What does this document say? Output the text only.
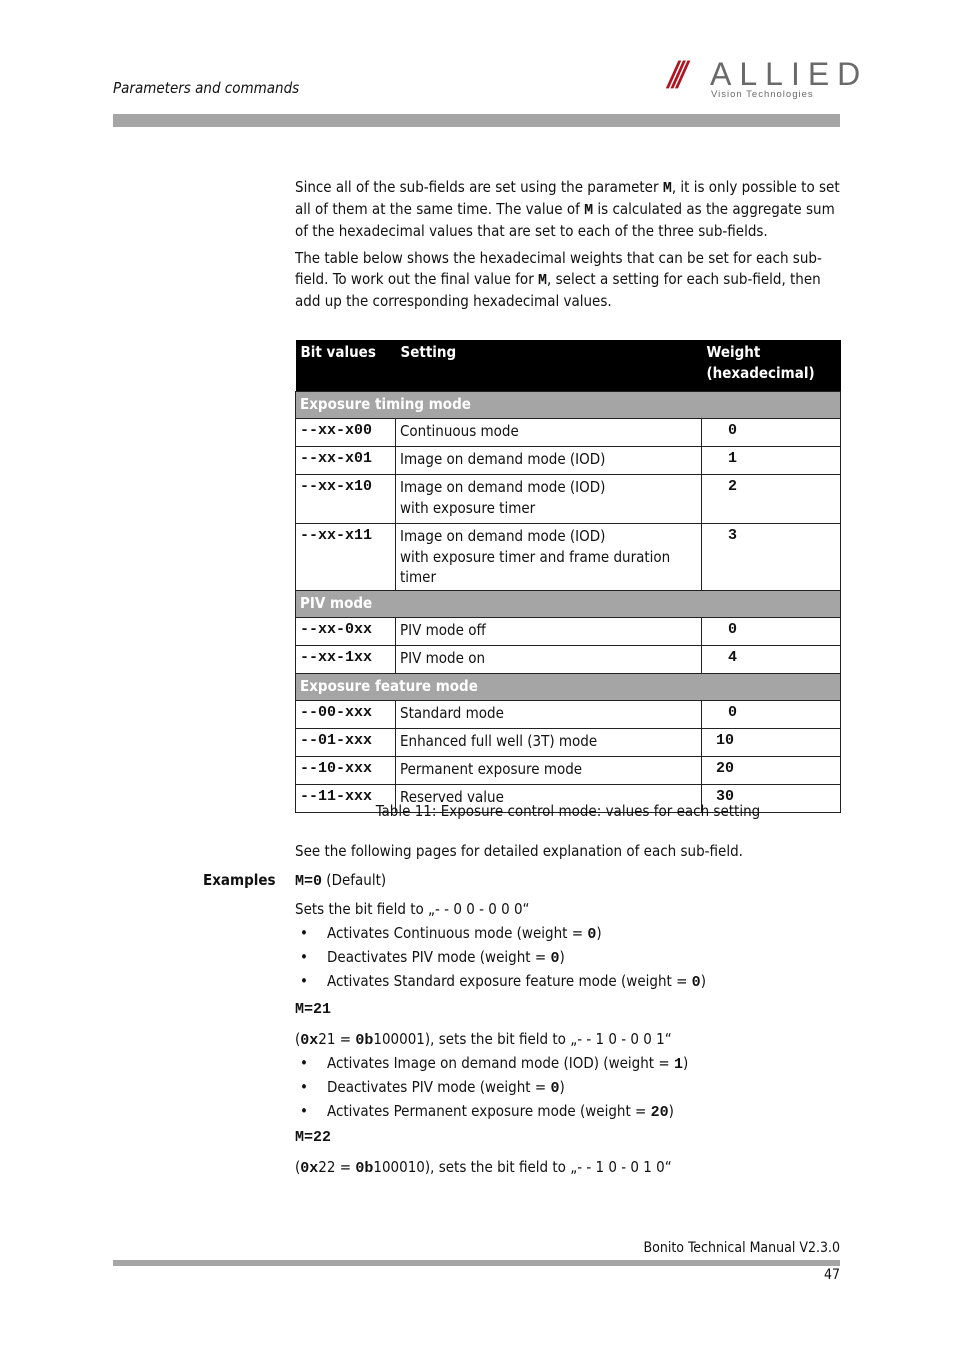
Parameters and commands	/// ALLIED
Vision Technologies

Since all of the sub-fields are set using the parameter M, it is only possible to set all of them at the same time. The value of M is calculated as the aggregate sum of the hexadecimal values that are set to each of the three sub-fields.

The table below shows the hexadecimal weights that can be set for each sub-field. To work out the final value for M, select a setting for each sub-field, then add up the corresponding hexadecimal values.

Bit values	Setting	Weight (hexadecimal)
Exposure timing mode		
--xx-x00	Continuous mode	0
--xx-x01	Image on demand mode (IOD)	1
--xx-x10	Image on demand mode (IOD)
with exposure timer	2
--xx-x11	Image on demand mode (IOD)
with exposure timer and frame duration timer	3
PIV mode		
--xx-0xx	PIV mode off	0
--xx-1xx	PIV mode on	4
Exposure feature mode		
--00-xxx	Standard mode	0
--01-xxx	Enhanced full well (3T) mode	10
--10-xxx	Permanent exposure mode	20
--11-xxx	Reserved value	30
Table 11: Exposure control mode: values for each setting
See the following pages for detailed explanation of each sub-field.
Examples M=0 (Default)
Sets the bit field to „- - 0 0 - 0 0 0“
• Activates Continuous mode (weight = 0)
• Deactivates PIV mode (weight = 0)
• Activates Standard exposure feature mode (weight = 0)
M=21
(0x21 = 0b100001), sets the bit field to „- - 1 0 - 0 0 1“
• Activates Image on demand mode (IOD) (weight = 1)
• Deactivates PIV mode (weight = 0)
• Activates Permanent exposure mode (weight = 20)
M=22
(0x22 = 0b100010), sets the bit field to „- - 1 0 - 0 1 0“
Bonito Technical Manual V2.3.0
47
